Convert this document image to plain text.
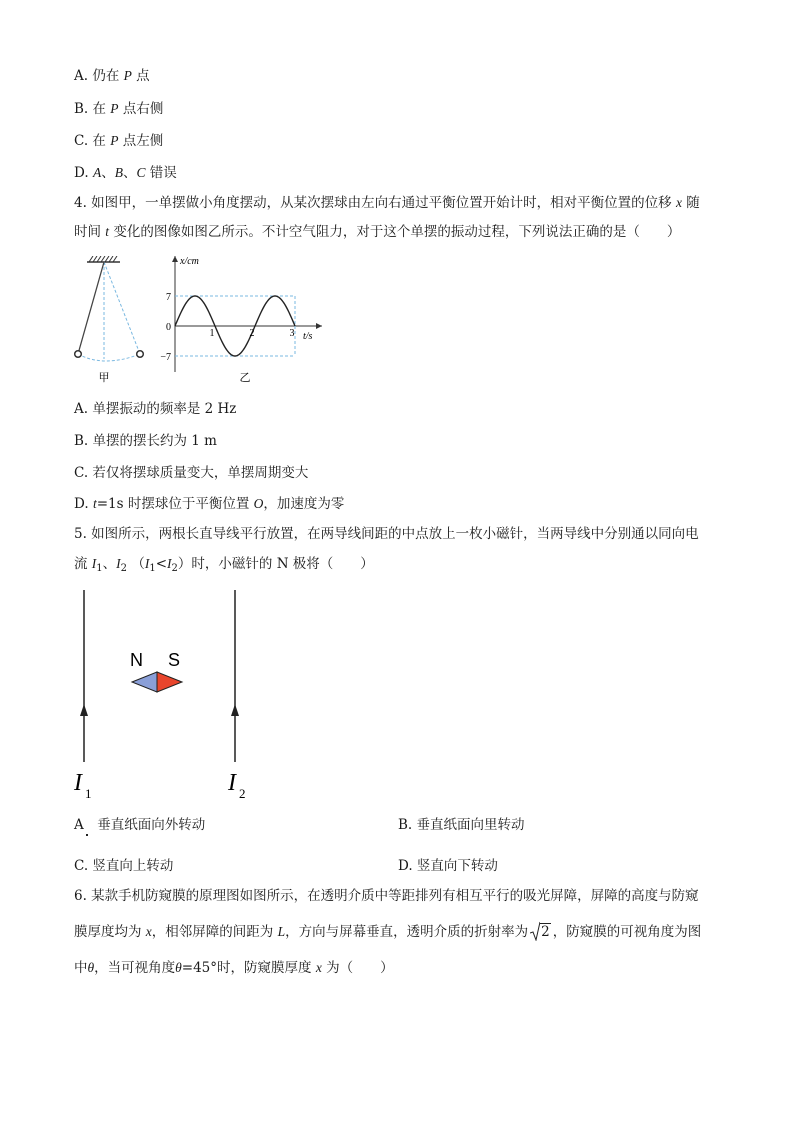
A. 仍在 P 点
B. 在 P 点右侧
C. 在 P 点左侧
D. A、B、C 错误
4. 如图甲，一单摆做小角度摆动，从某次摆球由左向右通过平衡位置开始计时，相对平衡位置的位移 x 随
时间 t 变化的图像如图乙所示。不计空气阻力，对于这个单摆的振动过程，下列说法正确的是（　　）
甲
x/cm
t/s
1	2	3
7
0
−7
乙
A. 单摆振动的频率是 2 Hz
B. 单摆的摆长约为 1 m
C. 若仅将摆球质量变大，单摆周期变大
D. t=1s 时摆球位于平衡位置 O，加速度为零
5. 如图所示，两根长直导线平行放置，在两导线间距的中点放上一枚小磁针，当两导线中分别通以同向电
流 $I_1$、$I_2$ $(I_1<I_2)$时，小磁针的 N 极将（　　）
N S
I 1	I 2
A　垂直纸面向外转动	B. 垂直纸面向里转动
C. 竖直向上转动	D. 竖直向下转动
6. 某款手机防窥膜的原理图如图所示，在透明介质中等距排列有相互平行的吸光屏障，屏障的高度与防窥
膜厚度均为 x，相邻屏障的间距为 L，方向与屏幕垂直，透明介质的折射率为 2 ，防窥膜的可视角度为图
中θ，当可视角度θ=45°时，防窥膜厚度 x 为（　　）
